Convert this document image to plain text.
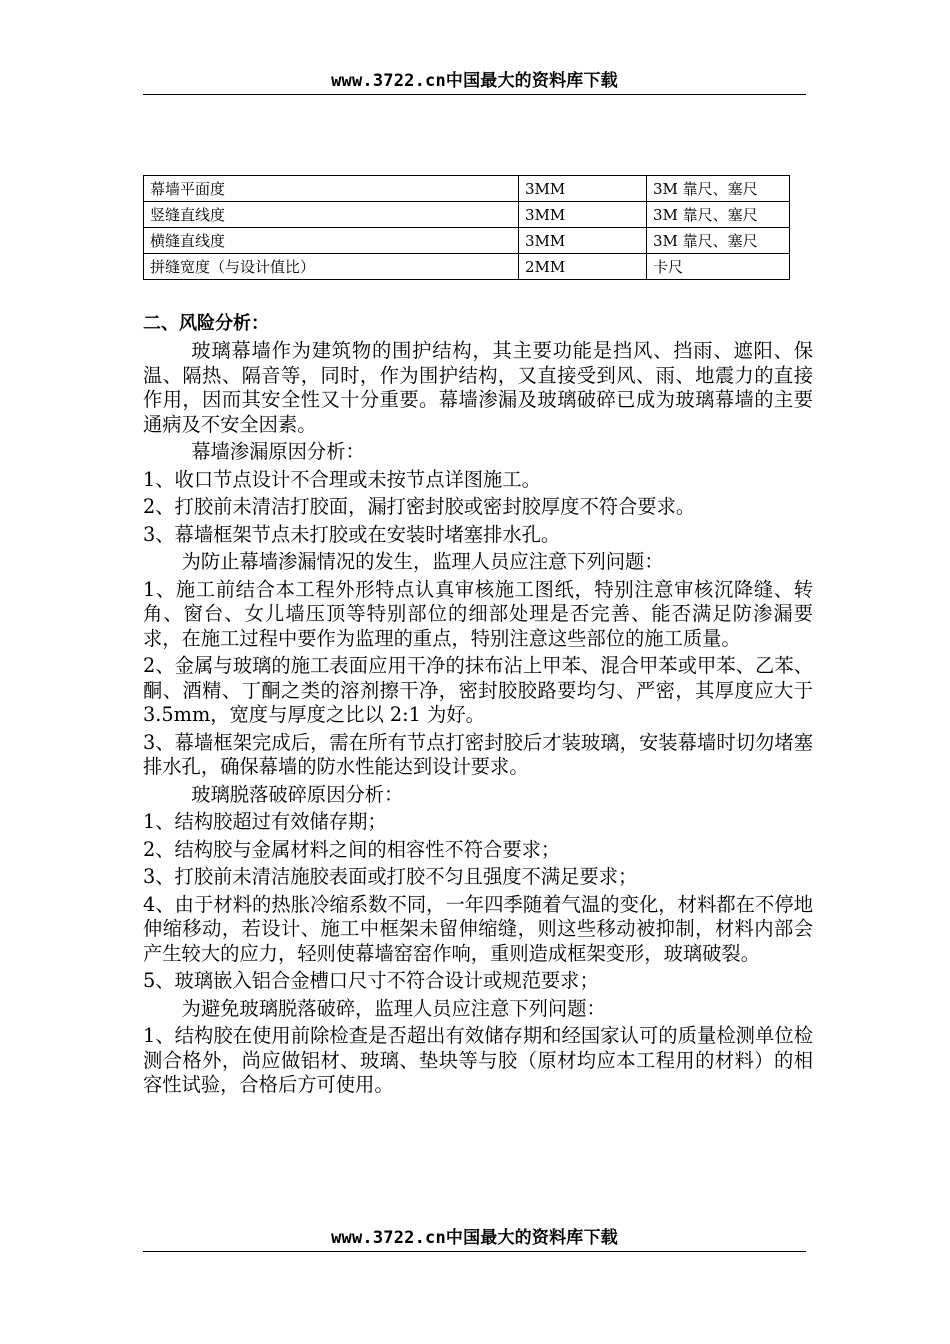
www.3722.cn中国最大的资料库下载
幕墙平面度	3MM	3M 靠尺、塞尺
竖缝直线度	3MM	3M 靠尺、塞尺
横缝直线度	3MM	3M 靠尺、塞尺
拼缝宽度（与设计值比）	2MM	卡尺
二、风险分析：

玻璃幕墙作为建筑物的围护结构，其主要功能是挡风、挡雨、遮阳、保温、隔热、隔音等，同时，作为围护结构，又直接受到风、雨、地震力的直接作用，因而其安全性又十分重要。幕墙渗漏及玻璃破碎已成为玻璃幕墙的主要通病及不安全因素。

幕墙渗漏原因分析：

1、收口节点设计不合理或未按节点详图施工。

2、打胶前未清洁打胶面，漏打密封胶或密封胶厚度不符合要求。

3、幕墙框架节点未打胶或在安装时堵塞排水孔。

为防止幕墙渗漏情况的发生，监理人员应注意下列问题：

1、施工前结合本工程外形特点认真审核施工图纸，特别注意审核沉降缝、转角、窗台、女儿墙压顶等特别部位的细部处理是否完善、能否满足防渗漏要求，在施工过程中要作为监理的重点，特别注意这些部位的施工质量。

2、金属与玻璃的施工表面应用干净的抹布沾上甲苯、混合甲苯或甲苯、乙苯、酮、酒精、丁酮之类的溶剂擦干净，密封胶胶路要均匀、严密，其厚度应大于 3.5mm，宽度与厚度之比以 2:1 为好。

3、幕墙框架完成后，需在所有节点打密封胶后才装玻璃，安装幕墙时切勿堵塞排水孔，确保幕墙的防水性能达到设计要求。

玻璃脱落破碎原因分析：

1、结构胶超过有效储存期；

2、结构胶与金属材料之间的相容性不符合要求；

3、打胶前未清洁施胶表面或打胶不匀且强度不满足要求；

4、由于材料的热胀冷缩系数不同，一年四季随着气温的变化，材料都在不停地伸缩移动，若设计、施工中框架未留伸缩缝，则这些移动被抑制，材料内部会产生较大的应力，轻则使幕墙窑窑作响，重则造成框架变形，玻璃破裂。

5、玻璃嵌入铝合金槽口尺寸不符合设计或规范要求；

为避免玻璃脱落破碎，监理人员应注意下列问题：

1、结构胶在使用前除检查是否超出有效储存期和经国家认可的质量检测单位检测合格外，尚应做铝材、玻璃、垫块等与胶（原材均应本工程用的材料）的相容性试验，合格后方可使用。

www.3722.cn中国最大的资料库下载
